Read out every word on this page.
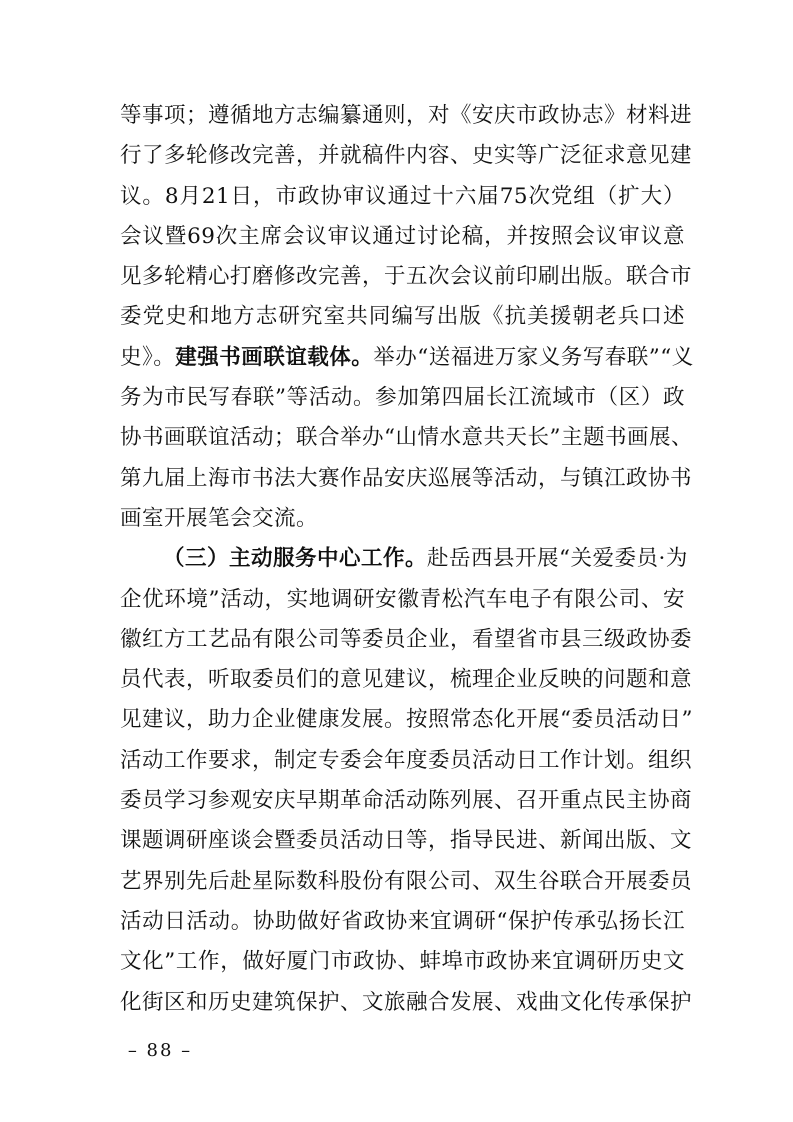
等事项；遵循地方志编纂通则，对《安庆市政协志》材料进
行了多轮修改完善，并就稿件内容、史实等广泛征求意见建
议。8月21日，市政协审议通过十六届75次党组（扩大）
会议暨69次主席会议审议通过讨论稿，并按照会议审议意
见多轮精心打磨修改完善，于五次会议前印刷出版。联合市
委党史和地方志研究室共同编写出版《抗美援朝老兵口述
史》。建强书画联谊载体。举办“送福进万家义务写春联”“义
务为市民写春联”等活动。参加第四届长江流域市（区）政
协书画联谊活动；联合举办“山情水意共天长”主题书画展、
第九届上海市书法大赛作品安庆巡展等活动，与镇江政协书
画室开展笔会交流。
（三）主动服务中心工作。赴岳西县开展“关爱委员·为
企优环境”活动，实地调研安徽青松汽车电子有限公司、安
徽红方工艺品有限公司等委员企业，看望省市县三级政协委
员代表，听取委员们的意见建议，梳理企业反映的问题和意
见建议，助力企业健康发展。按照常态化开展“委员活动日”
活动工作要求，制定专委会年度委员活动日工作计划。组织
委员学习参观安庆早期革命活动陈列展、召开重点民主协商
课题调研座谈会暨委员活动日等，指导民进、新闻出版、文
艺界别先后赴星际数科股份有限公司、双生谷联合开展委员
活动日活动。协助做好省政协来宜调研“保护传承弘扬长江
文化”工作，做好厦门市政协、蚌埠市政协来宜调研历史文
化街区和历史建筑保护、文旅融合发展、戏曲文化传承保护
– 88 –
